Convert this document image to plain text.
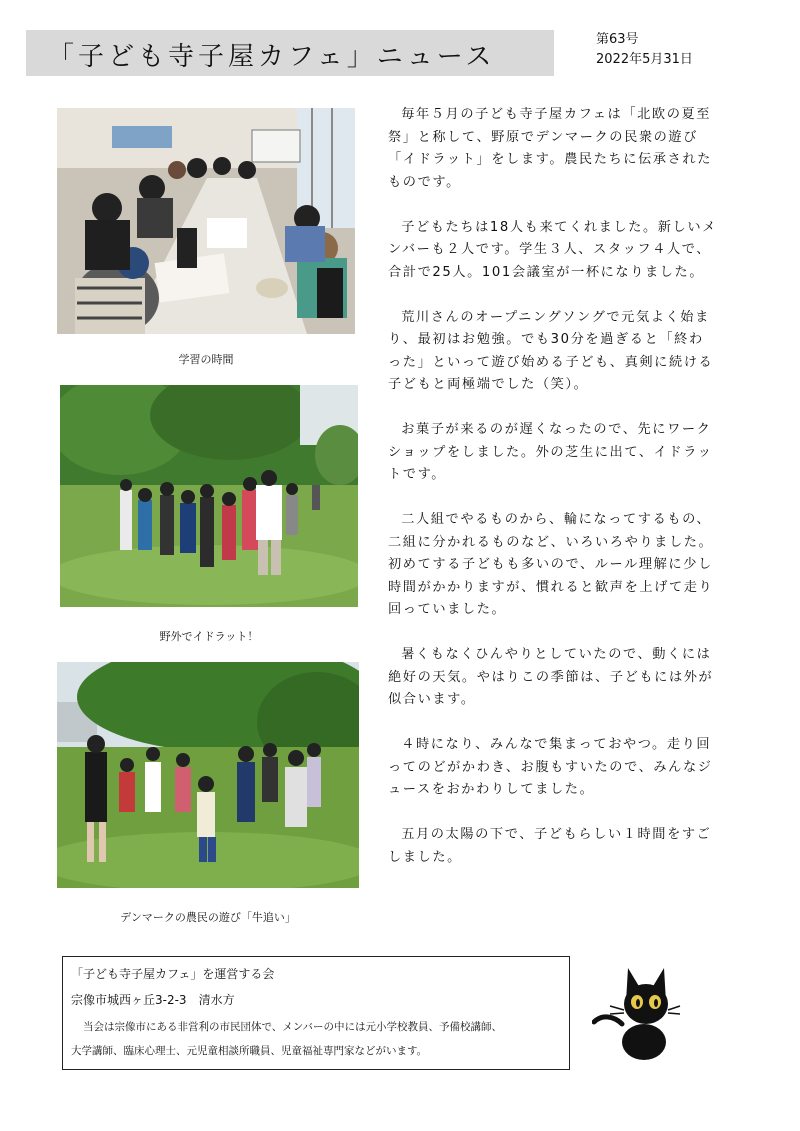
「子ども寺子屋カフェ」ニュース
第63号
2022年5月31日
学習の時間
野外でイドラット！
デンマークの農民の遊び「牛追い」

毎年５月の子ども寺子屋カフェは「北欧の夏至祭」と称して、野原でデンマークの民衆の遊び「イドラット」をします。農民たちに伝承されたものです。

子どもたちは18人も来てくれました。新しいメンバーも２人です。学生３人、スタッフ４人で、合計で25人。101会議室が一杯になりました。

荒川さんのオープニングソングで元気よく始まり、最初はお勉強。でも30分を過ぎると「終わった」といって遊び始める子ども、真剣に続ける子どもと両極端でした（笑）。

お菓子が来るのが遅くなったので、先にワークショップをしました。外の芝生に出て、イドラットです。

二人組でやるものから、輪になってするもの、二組に分かれるものなど、いろいろやりました。初めてする子どもも多いので、ルール理解に少し時間がかかりますが、慣れると歓声を上げて走り回っていました。

暑くもなくひんやりとしていたので、動くには絶好の天気。やはりこの季節は、子どもには外が似合います。

４時になり、みんなで集まっておやつ。走り回ってのどがかわき、お腹もすいたので、みんなジュースをおかわりしてました。

五月の太陽の下で、子どもらしい１時間をすごしました。

「子ども寺子屋カフェ」を運営する会
宗像市城西ヶ丘3-2-3　清水方
当会は宗像市にある非営利の市民団体で、メンバーの中には元小学校教員、予備校講師、
大学講師、臨床心理士、元児童相談所職員、児童福祉専門家などがいます。
